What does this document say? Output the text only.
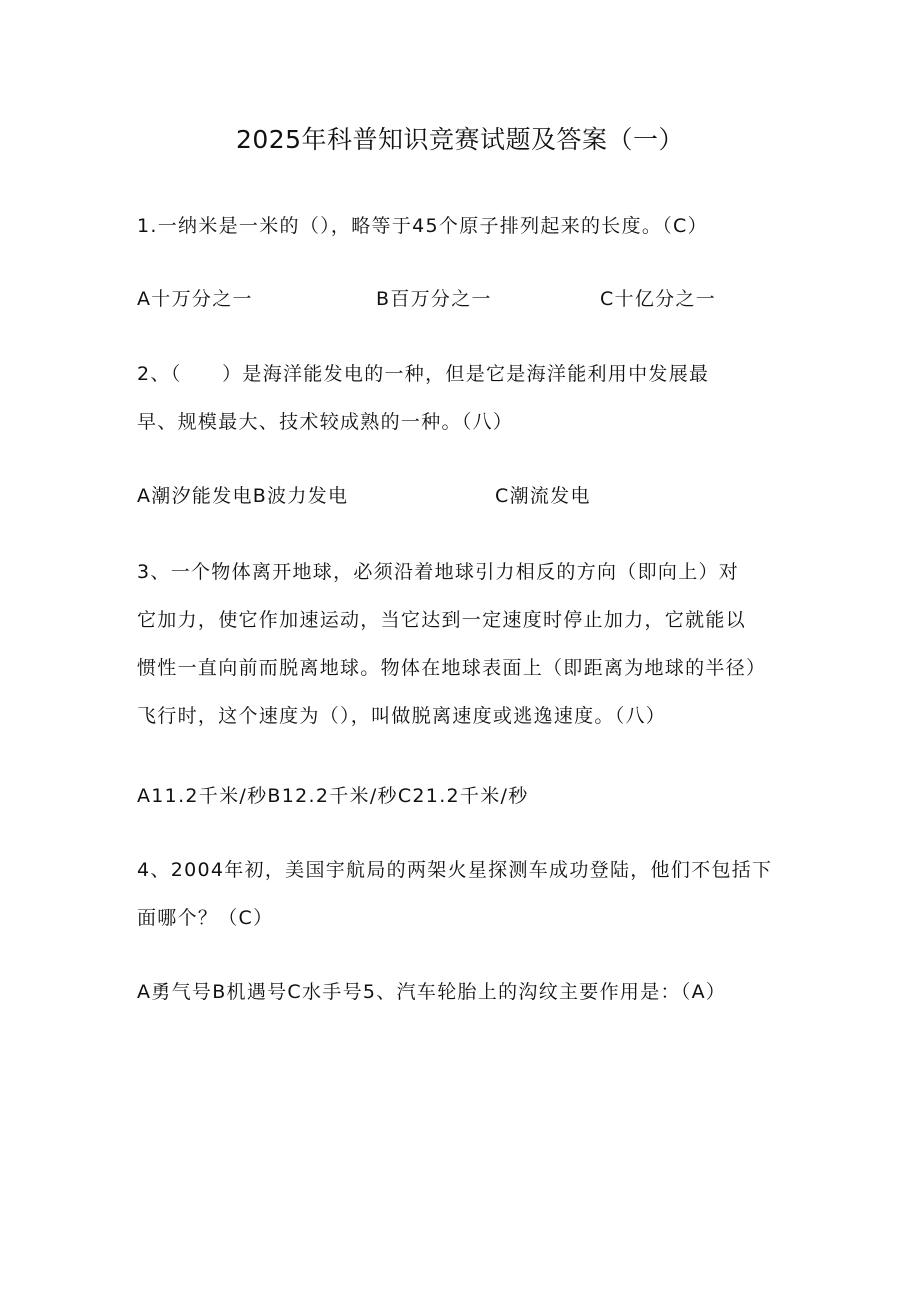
2025年科普知识竞赛试题及答案（一）
1.一纳米是一米的（），略等于45个原子排列起来的长度。（C）
A十万分之一	B百万分之一	C十亿分之一
2、（　　）是海洋能发电的一种，但是它是海洋能利用中发展最
早、规模最大、技术较成熟的一种。（八）
A潮汐能发电B波力发电	C潮流发电
3、一个物体离开地球，必须沿着地球引力相反的方向（即向上）对
它加力，使它作加速运动，当它达到一定速度时停止加力，它就能以
惯性一直向前而脱离地球。物体在地球表面上（即距离为地球的半径）
飞行时，这个速度为（），叫做脱离速度或逃逸速度。（八）
A11.2千米/秒B12.2千米/秒C21.2千米/秒
4、2004年初，美国宇航局的两架火星探测车成功登陆，他们不包括下
面哪个？（C）
A勇气号B机遇号C水手号5、汽车轮胎上的沟纹主要作用是：（A）
